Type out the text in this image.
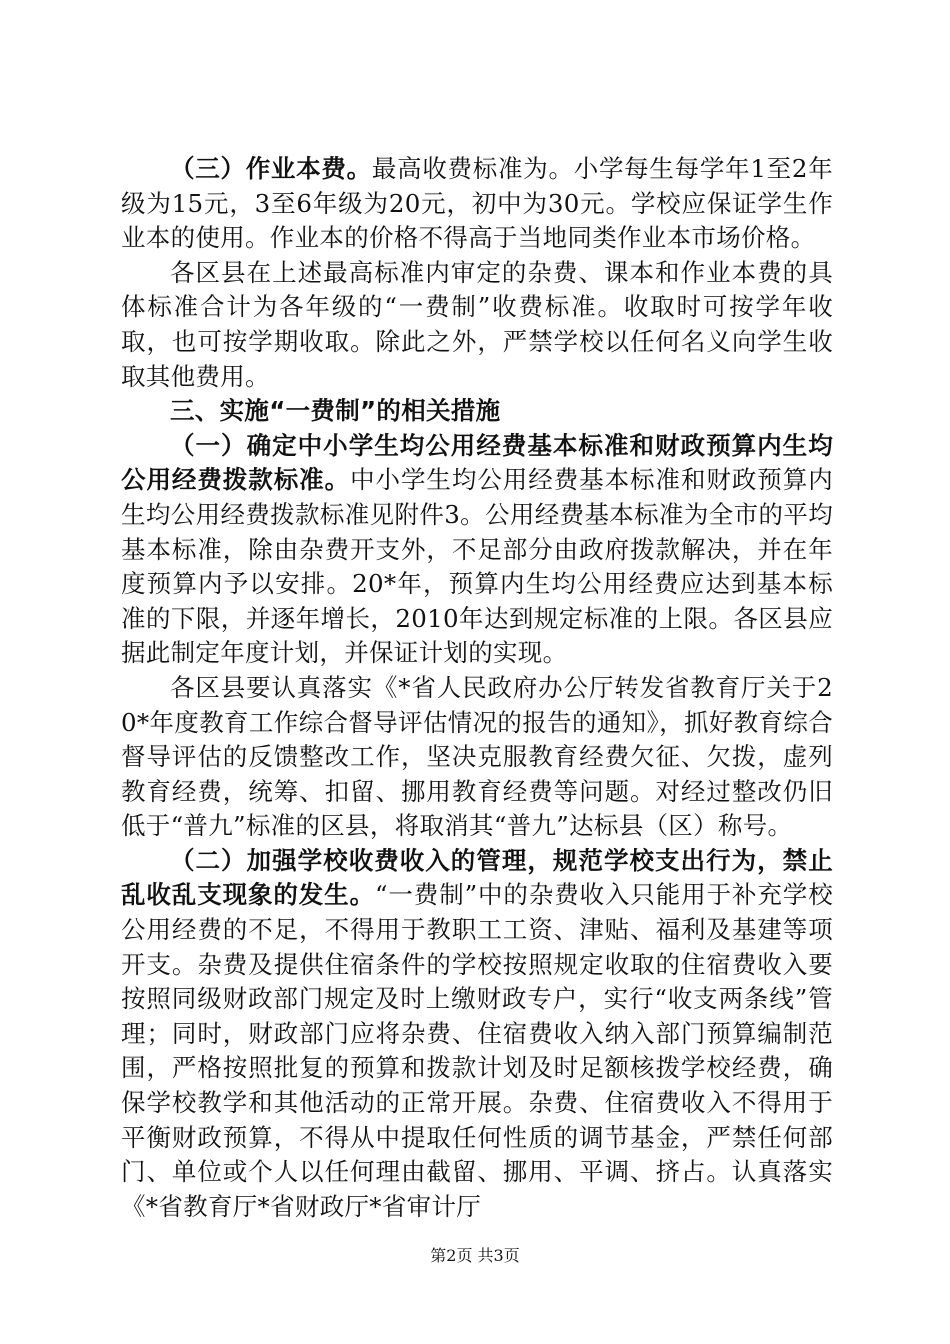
（三）作业本费。最高收费标准为。小学每生每学年1至2年级为15元，3至6年级为20元，初中为30元。学校应保证学生作业本的使用。作业本的价格不得高于当地同类作业本市场价格。

各区县在上述最高标准内审定的杂费、课本和作业本费的具体标准合计为各年级的“一费制”收费标准。收取时可按学年收取，也可按学期收取。除此之外，严禁学校以任何名义向学生收取其他费用。

三、实施“一费制”的相关措施

（一）确定中小学生均公用经费基本标准和财政预算内生均公用经费拨款标准。中小学生均公用经费基本标准和财政预算内生均公用经费拨款标准见附件3。公用经费基本标准为全市的平均基本标准，除由杂费开支外，不足部分由政府拨款解决，并在年度预算内予以安排。20*年，预算内生均公用经费应达到基本标准的下限，并逐年增长，2010年达到规定标准的上限。各区县应据此制定年度计划，并保证计划的实现。

各区县要认真落实《*省人民政府办公厅转发省教育厅关于20*年度教育工作综合督导评估情况的报告的通知》，抓好教育综合督导评估的反馈整改工作，坚决克服教育经费欠征、欠拨，虚列教育经费，统筹、扣留、挪用教育经费等问题。对经过整改仍旧低于“普九”标准的区县，将取消其“普九”达标县（区）称号。

（二）加强学校收费收入的管理，规范学校支出行为，禁止乱收乱支现象的发生。“一费制”中的杂费收入只能用于补充学校公用经费的不足，不得用于教职工工资、津贴、福利及基建等项开支。杂费及提供住宿条件的学校按照规定收取的住宿费收入要按照同级财政部门规定及时上缴财政专户，实行“收支两条线”管理；同时，财政部门应将杂费、住宿费收入纳入部门预算编制范围，严格按照批复的预算和拨款计划及时足额核拨学校经费，确保学校教学和其他活动的正常开展。杂费、住宿费收入不得用于平衡财政预算，不得从中提取任何性质的调节基金，严禁任何部门、单位或个人以任何理由截留、挪用、平调、挤占。认真落实《*省教育厅*省财政厅*省审计厅

第2页 共3页
